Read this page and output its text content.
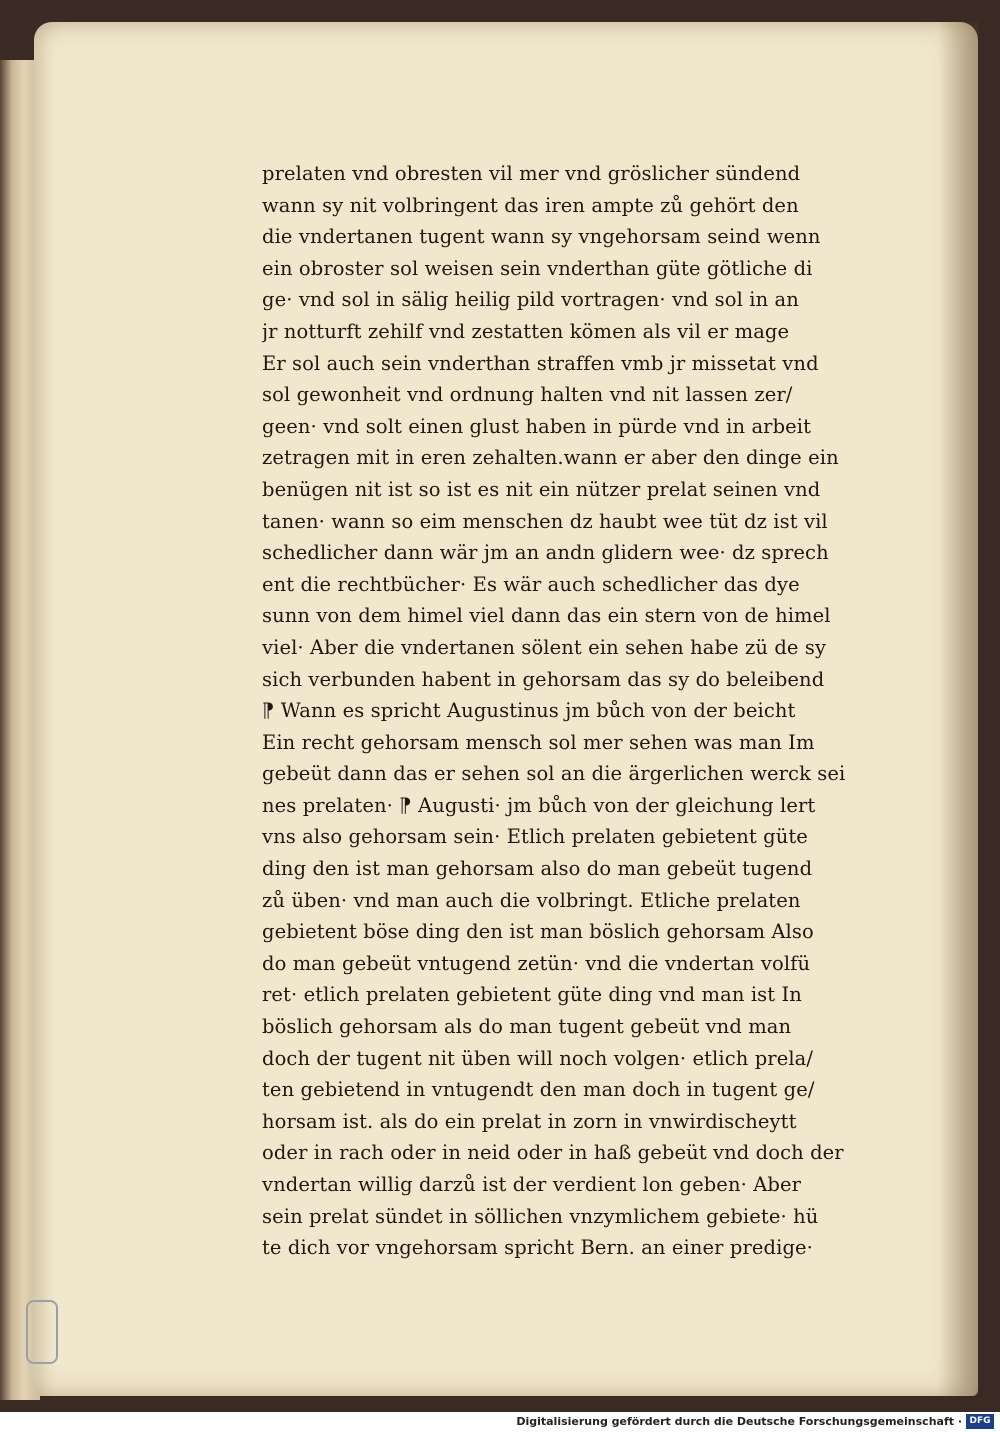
prelaten vnd obresten vil mer vnd gröslicher sündend
wann sy nit volbringent das iren ampte zů gehört den
die vndertanen tugent wann sy vngehorsam seind wenn
ein obroster sol weisen sein vnderthan güte götliche di
ge· vnd sol in sälig heilig pild vortragen· vnd sol in an
jr notturft zehilf vnd zestatten kömen als vil er mage
Er sol auch sein vnderthan straffen vmb jr missetat vnd
sol gewonheit vnd ordnung halten vnd nit lassen zer/
geen· vnd solt einen glust haben in pürde vnd in arbeit
zetragen mit in eren zehalten.wann er aber den dinge ein
benügen nit ist so ist es nit ein nützer prelat seinen vnd
tanen· wann so eim menschen dz haubt wee tüt dz ist vil
schedlicher dann wär jm an andn glidern wee· dz sprech
ent die rechtbücher· Es wär auch schedlicher das dye
sunn von dem himel viel dann das ein stern von de himel
viel· Aber die vndertanen sölent ein sehen habe zü de sy
sich verbunden habent in gehorsam das sy do beleibend
⁋ Wann es spricht Augustinus jm bůch von der beicht
Ein recht gehorsam mensch sol mer sehen was man Im
gebeüt dann das er sehen sol an die ärgerlichen werck sei
nes prelaten· ⁋ Augusti· jm bůch von der gleichung lert
vns also gehorsam sein· Etlich prelaten gebietent güte
ding den ist man gehorsam also do man gebeüt tugend
zů üben· vnd man auch die volbringt. Etliche prelaten
gebietent böse ding den ist man böslich gehorsam Also
do man gebeüt vntugend zetün· vnd die vndertan volfü
ret· etlich prelaten gebietent güte ding vnd man ist In
böslich gehorsam als do man tugent gebeüt vnd man
doch der tugent nit üben will noch volgen· etlich prela/
ten gebietend in vntugendt den man doch in tugent ge/
horsam ist. als do ein prelat in zorn in vnwirdischeytt
oder in rach oder in neid oder in haß gebeüt vnd doch der
vndertan willig darzů ist der verdient lon geben· Aber
sein prelat sündet in söllichen vnzymlichem gebiete· hü
te dich vor vngehorsam spricht Bern. an einer predige·
Digitalisierung gefördert durch die Deutsche Forschungsgemeinschaft · DFG
